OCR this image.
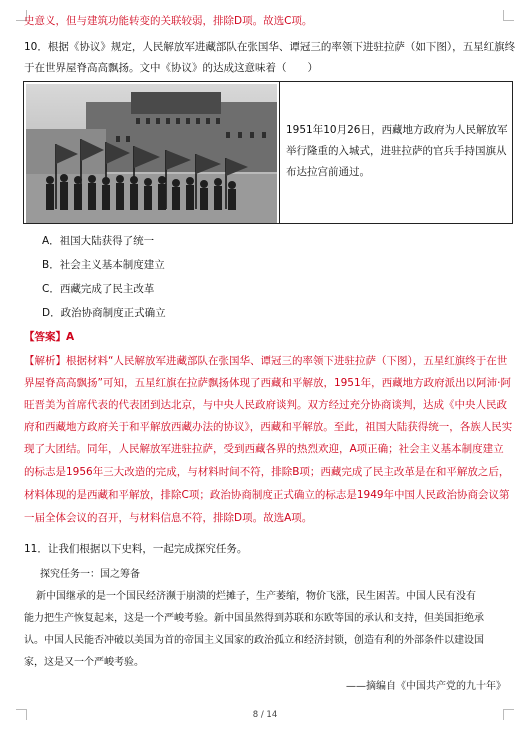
史意义，但与建筑功能转变的关联较弱，排除D项。故选C项。
10．根据《协议》规定，人民解放军进藏部队在张国华、谭冠三的率领下进驻拉萨（如下图），五星红旗终
于在世界屋脊高高飘扬。文中《协议》的达成这意味着（　　）
1951年10月26日，西藏地方政府为人民解放军举行隆重的入城式，进驻拉萨的官兵手持国旗从布达拉宫前通过。
A．祖国大陆获得了统一
B．社会主义基本制度建立
C．西藏完成了民主改革
D．政治协商制度正式确立
【答案】A
【解析】根据材料“人民解放军进藏部队在张国华、谭冠三的率领下进驻拉萨（下图），五星红旗终于在世
界屋脊高高飘扬”可知，五星红旗在拉萨飘扬体现了西藏和平解放，1951年，西藏地方政府派出以阿沛·阿
旺晋美为首席代表的代表团到达北京，与中央人民政府谈判。双方经过充分协商谈判，达成《中央人民政
府和西藏地方政府关于和平解放西藏办法的协议》，西藏和平解放。至此，祖国大陆获得统一，各族人民实
现了大团结。同年，人民解放军进驻拉萨，受到西藏各界的热烈欢迎，A项正确；社会主义基本制度建立
的标志是1956年三大改造的完成，与材料时间不符，排除B项；西藏完成了民主改革是在和平解放之后，
材料体现的是西藏和平解放，排除C项；政治协商制度正式确立的标志是1949年中国人民政治协商会议第
一届全体会议的召开，与材料信息不符，排除D项。故选A项。
11．让我们根据以下史料，一起完成探究任务。
探究任务一：国之筹备
新中国继承的是一个国民经济濒于崩溃的烂摊子，生产萎缩，物价飞涨，民生困苦。中国人民有没有
能力把生产恢复起来，这是一个严峻考验。新中国虽然得到苏联和东欧等国的承认和支持，但美国拒绝承
认。中国人民能否冲破以美国为首的帝国主义国家的政治孤立和经济封锁，创造有利的外部条件以建设国
家，这是又一个严峻考验。
——摘编自《中国共产党的九十年》
8 / 14
